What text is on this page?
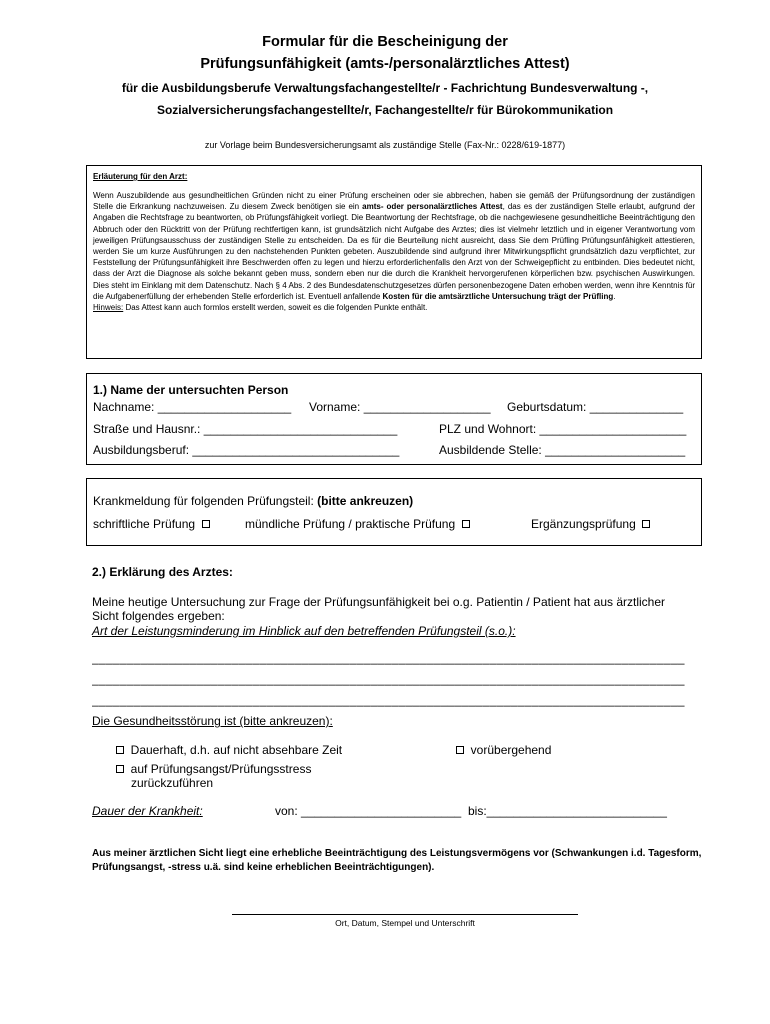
Formular für die Bescheinigung der
Prüfungsunfähigkeit (amts-/personalärztliches Attest)
für die Ausbildungsberufe Verwaltungsfachangestellte/r - Fachrichtung Bundesverwaltung -,
Sozialversicherungsfachangestellte/r, Fachangestellte/r für Bürokommunikation
zur Vorlage beim Bundesversicherungsamt als zuständige Stelle (Fax-Nr.: 0228/619-1877)
Erläuterung für den Arzt:
Wenn Auszubildende aus gesundheitlichen Gründen nicht zu einer Prüfung erscheinen oder sie abbrechen, haben sie gemäß der Prüfungsordnung der zuständigen Stelle die Erkrankung nachzuweisen. Zu diesem Zweck benötigen sie ein amts- oder personalärztliches Attest, das es der zuständigen Stelle erlaubt, aufgrund der Angaben die Rechtsfrage zu beantworten, ob Prüfungsfähigkeit vorliegt. Die Beantwortung der Rechtsfrage, ob die nachgewiesene gesundheitliche Beeinträchtigung den Abbruch oder den Rücktritt von der Prüfung rechtfertigen kann, ist grundsätzlich nicht Aufgabe des Arztes; dies ist vielmehr letztlich und in eigener Verantwortung vom jeweiligen Prüfungsausschuss der zuständigen Stelle zu entscheiden. Da es für die Beurteilung nicht ausreicht, dass Sie dem Prüfling Prüfungsunfähigkeit attestieren, werden Sie um kurze Ausführungen zu den nachstehenden Punkten gebeten. Auszubildende sind aufgrund ihrer Mitwirkungspflicht grundsätzlich dazu verpflichtet, zur Feststellung der Prüfungsunfähigkeit ihre Beschwerden offen zu legen und hierzu erforderlichenfalls den Arzt von der Schweigepflicht zu entbinden. Dies bedeutet nicht, dass der Arzt die Diagnose als solche bekannt geben muss, sondern eben nur die durch die Krankheit hervorgerufenen körperlichen bzw. psychischen Auswirkungen. Dies steht im Einklang mit dem Datenschutz. Nach § 4 Abs. 2 des Bundesdatenschutzgesetzes dürfen personenbezogene Daten erhoben werden, wenn ihre Kenntnis für die Aufgabenerfüllung der erhebenden Stelle erforderlich ist. Eventuell anfallende Kosten für die amtsärztliche Untersuchung trägt der Prüfling.
Hinweis: Das Attest kann auch formlos erstellt werden, soweit es die folgenden Punkte enthält.
1.) Name der untersuchten Person
Nachname: ____________________ Vorname: ___________________ Geburtsdatum: ______________
Straße und Hausnr.: _____________________________	PLZ und Wohnort: ______________________
Ausbildungsberuf: _______________________________	Ausbildende Stelle: _____________________
Krankmeldung für folgenden Prüfungsteil: (bitte ankreuzen)
schriftliche Prüfung	mündliche Prüfung / praktische Prüfung	Ergänzungsprüfung
2.) Erklärung des Arztes:
Meine heutige Untersuchung zur Frage der Prüfungsunfähigkeit bei o.g. Patientin / Patient hat aus ärztlicher
Sicht folgendes ergeben:
Art der Leistungsminderung im Hinblick auf den betreffenden Prüfungsteil (s.o.):
_____________________________________________________________________________________
_____________________________________________________________________________________
_____________________________________________________________________________________
Die Gesundheitsstörung ist (bitte ankreuzen):
Dauerhaft, d.h. auf nicht absehbare Zeit	vorübergehend
auf Prüfungsangst/Prüfungsstress
zurückzuführen
Dauer der Krankheit:	von: ________________________ bis:___________________________
Aus meiner ärztlichen Sicht liegt eine erhebliche Beeinträchtigung des Leistungsvermögens vor (Schwankungen i.d. Tagesform, Prüfungsangst, -stress u.ä. sind keine erheblichen Beeinträchtigungen).
Ort, Datum, Stempel und Unterschrift
